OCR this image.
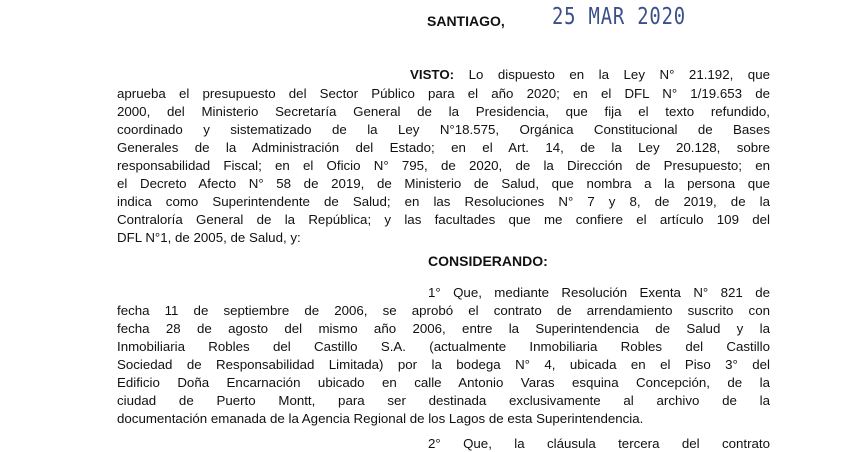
SANTIAGO, 25 MAR 2020
VISTO: Lo dispuesto en la Ley N° 21.192, que
aprueba el presupuesto del Sector Público para el año 2020; en el DFL N° 1/19.653 de
2000, del Ministerio Secretaría General de la Presidencia, que fija el texto refundido,
coordinado y sistematizado de la Ley N°18.575, Orgánica Constitucional de Bases
Generales de la Administración del Estado; en el Art. 14, de la Ley 20.128, sobre
responsabilidad Fiscal; en el Oficio N° 795, de 2020, de la Dirección de Presupuesto; en
el Decreto Afecto N° 58 de 2019, de Ministerio de Salud, que nombra a la persona que
indica como Superintendente de Salud; en las Resoluciones N° 7 y 8, de 2019, de la
Contraloría General de la República; y las facultades que me confiere el artículo 109 del
DFL N°1, de 2005, de Salud, y:
CONSIDERANDO:
1° Que, mediante Resolución Exenta N° 821 de
fecha 11 de septiembre de 2006, se aprobó el contrato de arrendamiento suscrito con
fecha 28 de agosto del mismo año 2006, entre la Superintendencia de Salud y la
Inmobiliaria Robles del Castillo S.A. (actualmente Inmobiliaria Robles del Castillo
Sociedad de Responsabilidad Limitada) por la bodega N° 4, ubicada en el Piso 3° del
Edificio Doña Encarnación ubicado en calle Antonio Varas esquina Concepción, de la
ciudad de Puerto Montt, para ser destinada exclusivamente al archivo de la
documentación emanada de la Agencia Regional de los Lagos de esta Superintendencia.
2° Que, la cláusula tercera del contrato
